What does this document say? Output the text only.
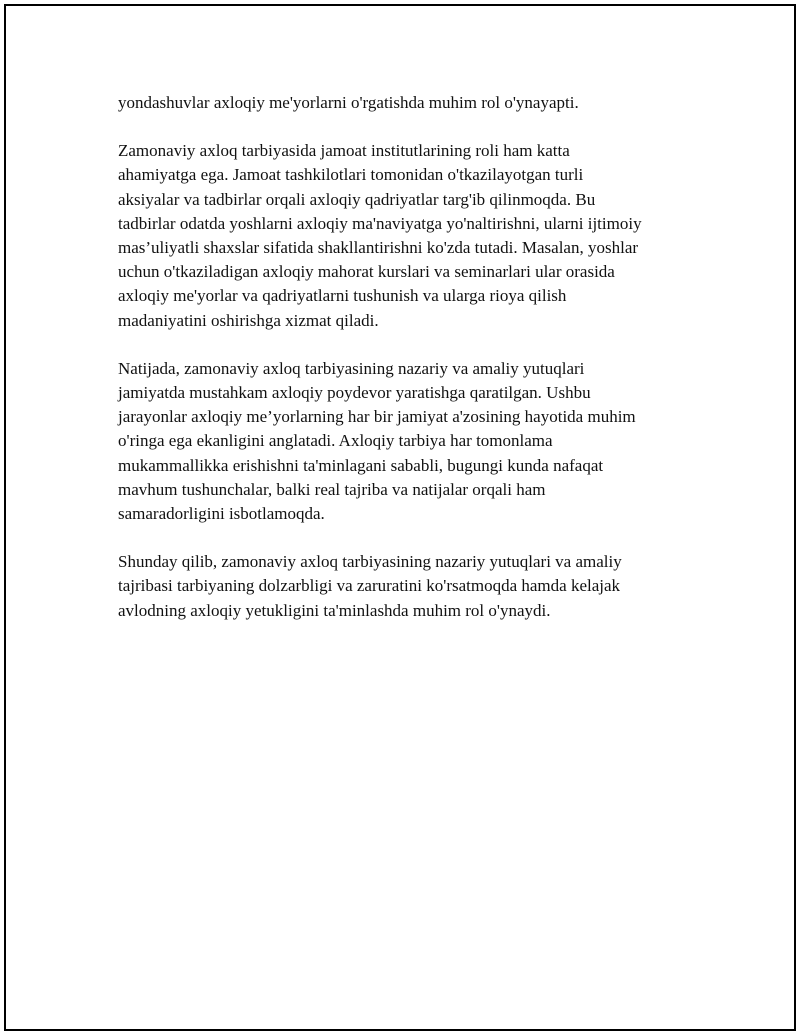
yondashuvlar axloqiy me'yorlarni o'rgatishda muhim rol o'ynayapti.

Zamonaviy axloq tarbiyasida jamoat institutlarining roli ham katta
ahamiyatga ega. Jamoat tashkilotlari tomonidan o'tkazilayotgan turli
aksiyalar va tadbirlar orqali axloqiy qadriyatlar targ'ib qilinmoqda. Bu
tadbirlar odatda yoshlarni axloqiy ma'naviyatga yo'naltirishni, ularni ijtimoiy
mas’uliyatli shaxslar sifatida shakllantirishni ko'zda tutadi. Masalan, yoshlar
uchun o'tkaziladigan axloqiy mahorat kurslari va seminarlari ular orasida
axloqiy me'yorlar va qadriyatlarni tushunish va ularga rioya qilish
madaniyatini oshirishga xizmat qiladi.

Natijada, zamonaviy axloq tarbiyasining nazariy va amaliy yutuqlari
jamiyatda mustahkam axloqiy poydevor yaratishga qaratilgan. Ushbu
jarayonlar axloqiy me’yorlarning har bir jamiyat a'zosining hayotida muhim
o'ringa ega ekanligini anglatadi. Axloqiy tarbiya har tomonlama
mukammallikka erishishni ta'minlagani sababli, bugungi kunda nafaqat
mavhum tushunchalar, balki real tajriba va natijalar orqali ham
samaradorligini isbotlamoqda.

Shunday qilib, zamonaviy axloq tarbiyasining nazariy yutuqlari va amaliy
tajribasi tarbiyaning dolzarbligi va zaruratini ko'rsatmoqda hamda kelajak
avlodning axloqiy yetukligini ta'minlashda muhim rol o'ynaydi.
